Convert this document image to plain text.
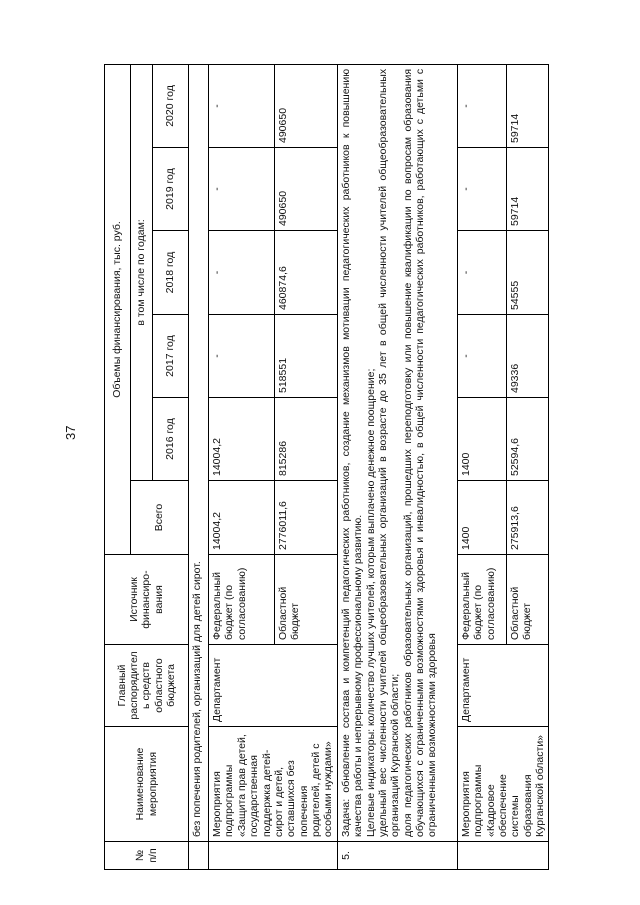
37
№ п/п	Наименование мероприятия	Главный распорядитель средств областного бюджета	Источник финансиро-вания	Объемы финансирования, тыс. руб.					
				Всего	в том числе по годам:				
					2016 год	2017 год	2018 год	2019 год	2020 год
	без попечения родителей, организаций для детей сирот.								
	Мероприятия подпрограммы «Защита прав детей, государственная поддержка детей-сирот и детей, оставшихся без попечения родителей, детей с особыми нуждами»	Департамент	Федеральный бюджет (по согласованию)	14004,2	14004,2	-	-	-	-
			Областной бюджет	2776011,6	815286	518551	460874,6	490650	490650
5.	Задача: обновление состава и компетенций педагогических работников, создание механизмов мотивации педагогических работников к повышению качества работы и непрерывному профессиональному развитию. Целевые индикаторы: количество лучших учителей, которым выплачено денежное поощрение; удельный вес численности учителей общеобразовательных организаций в возрасте до 35 лет в общей численности учителей общеобразовательных организаций Курганской области; доля педагогических работников образовательных организаций, прошедших переподготовку или повышение квалификации по вопросам образования обучающихся с ограниченными возможностями здоровья и инвалидностью, в общей численности педагогических работников, работающих с детьми с ограниченными возможностями здоровья								

	Мероприятия подпрограммы «Кадровое обеспечение системы образования Курганской области»	Департамент	Федеральный бюджет (по согласованию)	1400	1400	-	-	-	-
			Областной бюджет	275913,6	52594,6	49336	54555	59714	59714
